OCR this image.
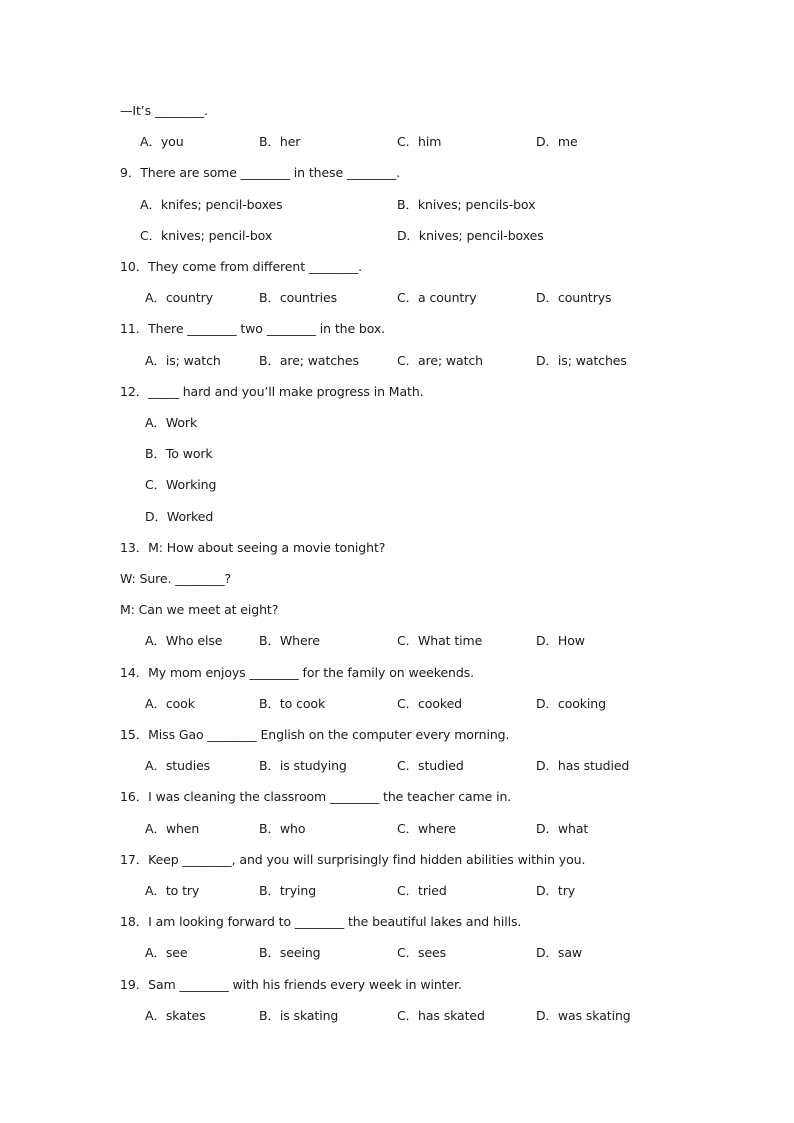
—It’s ________.
A．you	B．her	C．him	D．me
9．There are some ________ in these ________.
A．knifes; pencil-boxes	B．knives; pencils-box
C．knives; pencil-box	D．knives; pencil-boxes
10．They come from different ________.
A．country	B．countries	C．a country	D．countrys
11．There ________ two ________ in the box.
A．is; watch	B．are; watches	C．are; watch	D．is; watches
12．_____ hard and you’ll make progress in Math.
A．Work
B．To work
C．Working
D．Worked
13．M: How about seeing a movie tonight?
W: Sure. ________?
M: Can we meet at eight?
A．Who else	B．Where	C．What time	D．How
14．My mom enjoys ________ for the family on weekends.
A．cook	B．to cook	C．cooked	D．cooking
15．Miss Gao ________ English on the computer every morning.
A．studies	B．is studying	C．studied	D．has studied
16．I was cleaning the classroom ________ the teacher came in.
A．when	B．who	C．where	D．what
17．Keep ________, and you will surprisingly find hidden abilities within you.
A．to try	B．trying	C．tried	D．try
18．I am looking forward to ________ the beautiful lakes and hills.
A．see	B．seeing	C．sees	D．saw
19．Sam ________ with his friends every week in winter.
A．skates	B．is skating	C．has skated	D．was skating
